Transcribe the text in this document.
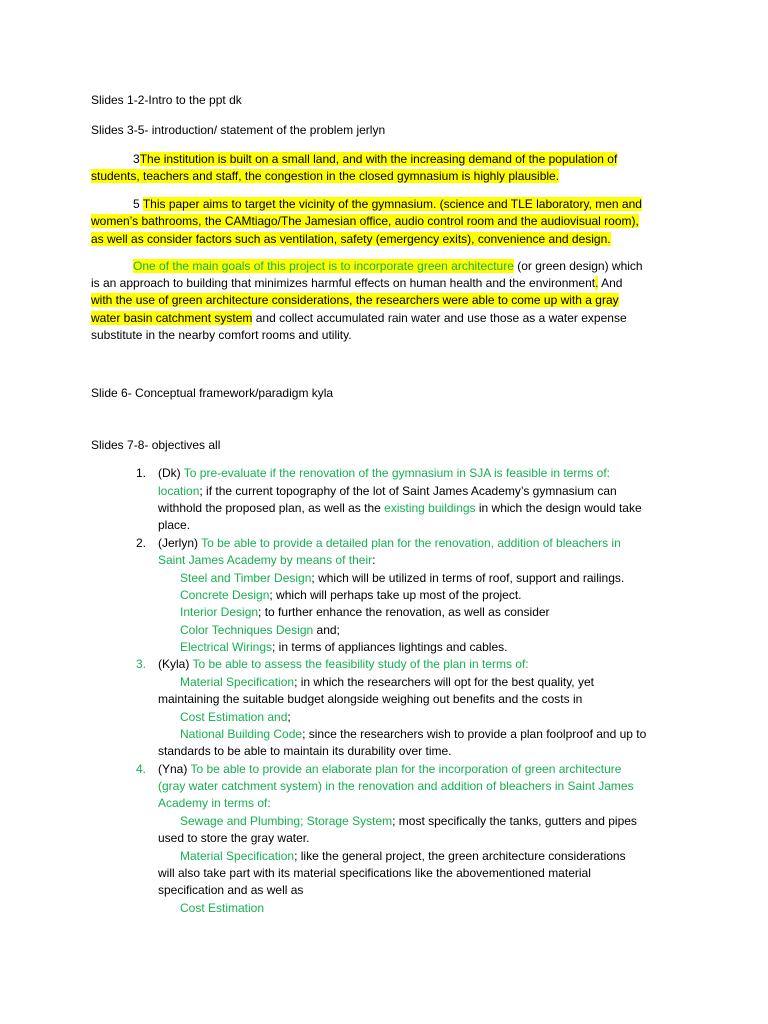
Slides 1-2-Intro to the ppt dk
Slides 3-5- introduction/ statement of the problem jerlyn
3The institution is built on a small land, and with the increasing demand of the population of
students, teachers and staff, the congestion in the closed gymnasium is highly plausible.
5 This paper aims to target the vicinity of the gymnasium. (science and TLE laboratory, men and
women’s bathrooms, the CAMtiago/The Jamesian office, audio control room and the audiovisual room),
as well as consider factors such as ventilation, safety (emergency exits), convenience and design.
One of the main goals of this project is to incorporate green architecture (or green design) which
is an approach to building that minimizes harmful effects on human health and the environment. And
with the use of green architecture considerations, the researchers were able to come up with a gray
water basin catchment system and collect accumulated rain water and use those as a water expense
substitute in the nearby comfort rooms and utility.
Slide 6- Conceptual framework/paradigm kyla
Slides 7-8- objectives all
1. (Dk) To pre-evaluate if the renovation of the gymnasium in SJA is feasible in terms of:
location; if the current topography of the lot of Saint James Academy’s gymnasium can
withhold the proposed plan, as well as the existing buildings in which the design would take
place.
2. (Jerlyn) To be able to provide a detailed plan for the renovation, addition of bleachers in
Saint James Academy by means of their:
Steel and Timber Design; which will be utilized in terms of roof, support and railings.
Concrete Design; which will perhaps take up most of the project.
Interior Design; to further enhance the renovation, as well as consider
Color Techniques Design and;
Electrical Wirings; in terms of appliances lightings and cables.
3. (Kyla) To be able to assess the feasibility study of the plan in terms of:
Material Specification; in which the researchers will opt for the best quality, yet
maintaining the suitable budget alongside weighing out benefits and the costs in
Cost Estimation and;
National Building Code; since the researchers wish to provide a plan foolproof and up to
standards to be able to maintain its durability over time.
4. (Yna) To be able to provide an elaborate plan for the incorporation of green architecture
(gray water catchment system) in the renovation and addition of bleachers in Saint James
Academy in terms of:
Sewage and Plumbing; Storage System; most specifically the tanks, gutters and pipes
used to store the gray water.
Material Specification; like the general project, the green architecture considerations
will also take part with its material specifications like the abovementioned material
specification and as well as
Cost Estimation
